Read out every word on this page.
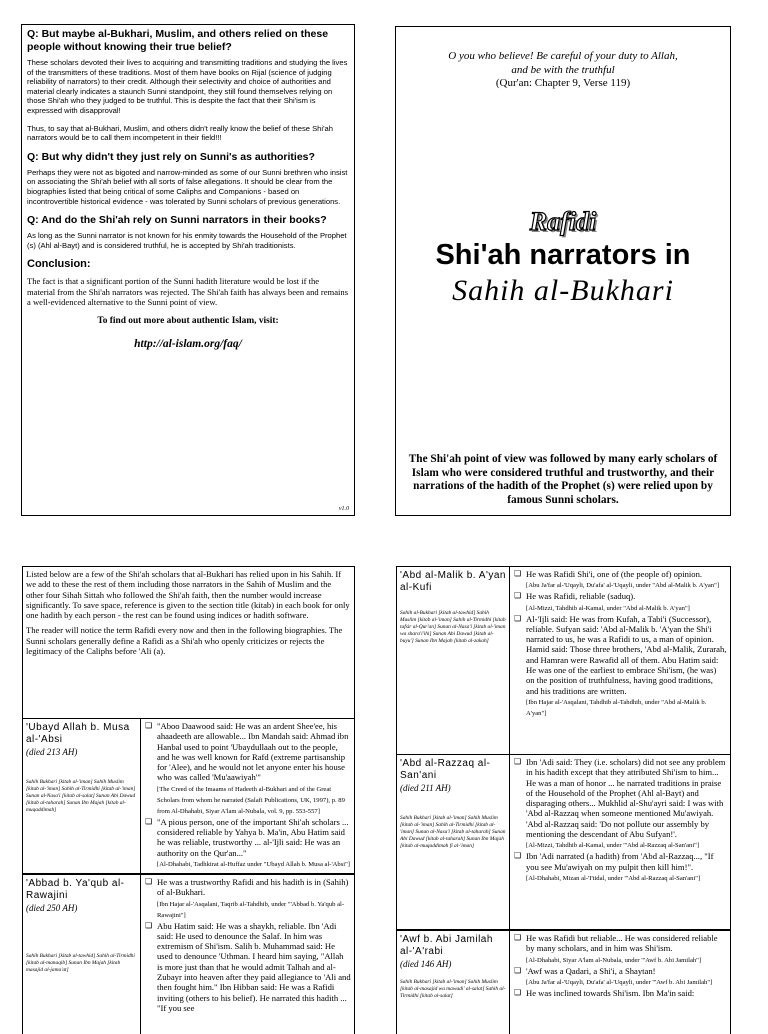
Q: But maybe al-Bukhari, Muslim, and others relied on these people without knowing their true belief?
These scholars devoted their lives to acquiring and transmitting traditions and studying the lives of the transmitters of these traditions. Most of them have books on Rijal (science of judging reliability of narrators) to their credit. Although their selectivity and choice of authorities and material clearly indicates a staunch Sunni standpoint, they still found themselves relying on those Shi'ah who they judged to be truthful. This is despite the fact that their Shi'ism is expressed with disapproval!
Thus, to say that al-Bukhari, Muslim, and others didn't really know the belief of these Shi'ah narrators would be to call them incompetent in their field!!!
Q: But why didn't they just rely on Sunni's as authorities?
Perhaps they were not as bigoted and narrow-minded as some of our Sunni brethren who insist on associating the Shi'ah belief with all sorts of false allegations. It should be clear from the biographies listed that being critical of some Caliphs and Companions - based on incontrovertible historical evidence - was tolerated by Sunni scholars of previous generations.
Q: And do the Shi'ah rely on Sunni narrators in their books?
As long as the Sunni narrator is not known for his enmity towards the Household of the Prophet (s) (Ahl al-Bayt) and is considered truthful, he is accepted by Shi'ah traditionists.
Conclusion:
The fact is that a significant portion of the Sunni hadith literature would be lost if the material from the Shi'ah narrators was rejected. The Shi'ah faith has always been and remains a well-evidenced alternative to the Sunni point of view.
To find out more about authentic Islam, visit:
http://al-islam.org/faq/
v1.0
O you who believe! Be careful of your duty to Allah,
and be with the truthful
(Qur'an: Chapter 9, Verse 119)
Rafidi
Shi'ah narrators in
Sahih al-Bukhari
The Shi'ah point of view was followed by many early scholars of Islam who were considered truthful and trustworthy, and their narrations of the hadith of the Prophet (s) were relied upon by famous Sunni scholars.
Listed below are a few of the Shi'ah scholars that al-Bukhari has relied upon in his Sahih. If we add to these the rest of them including those narrators in the Sahih of Muslim and the other four Sihah Sittah who followed the Shi'ah faith, then the number would increase significantly. To save space, reference is given to the section title (kitab) in each book for only one hadith by each person - the rest can be found using indices or hadith software.
The reader will notice the term Rafidi every now and then in the following biographies. The Sunni scholars generally define a Rafidi as a Shi'ah who openly criticizes or rejects the legitimacy of the Caliphs before 'Ali (a).
'Ubayd Allah b. Musa al-'Absi
(died 213 AH)
Sahih Bukhari [kitab al-'iman] Sahih Muslim [kitab al-'iman] Sahih al-Tirmidhi [kitab al-'iman] Sunan al-Nasa'i [kitab al-salat] Sunan Abi Dawud [kitab al-taharah] Sunan Ibn Majah [kitab al-muqaddimah]
❏ "Aboo Daawood said: He was an ardent Shee'ee, his ahaadeeth are allowable... Ibn Mandah said: Ahmad ibn Hanbal used to point 'Ubaydullaah out to the people, and he was well known for Rafd (extreme partisanship for 'Alee), and he would not let anyone enter his house who was called 'Mu'aawiyah'"
[The Creed of the Imaams of Hadeeth al-Bukhari and of the Great Scholars from whom he narrated (Salafi Publications, UK, 1997), p. 89 from Al-Dhahabi, Siyar A'lam al-Nubala, vol. 9, pp. 553-557]
❏ "A pious person, one of the important Shi'ah scholars ... considered reliable by Yahya b. Ma'in, Abu Hatim said he was reliable, trustworthy ... al-'Ijli said: He was an authority on the Qur'an..."
[Al-Dhahabi, Tadhkirat al-Huffaz under "Ubayd Allah b. Musa al-'Absi"]
'Abbad b. Ya'qub al-Rawajini
(died 250 AH)
Sahih Bukhari [kitab al-tawhid] Sahih al-Tirmidhi [kitab al-manaqib] Sunan Ibn Majah [kitab masajid al-jama'at]
❏ He was a trustworthy Rafidi and his hadith is in (Sahih) of al-Bukhari.
[Ibn Hajar al-'Asqalani, Taqrib al-Tahdhib, under "'Abbad b. Ya'qub al-Rawajini"]
❏ Abu Hatim said: He was a shaykh, reliable. Ibn 'Adi said: He used to denounce the Salaf. In him was extremism of Shi'ism. Salih b. Muhammad said: He used to denounce 'Uthman. I heard him saying, "Allah is more just than that he would admit Talhah and al-Zubayr into heaven after they paid allegiance to 'Ali and then fought him." Ibn Hibban said: He was a Rafidi inviting (others to his belief). He narrated this hadith ... "If you see
'Abd al-Malik b. A'yan al-Kufi
Sahih al-Bukhari [kitab al-tawhid] Sahih Muslim [kitab al-'iman] Sahih al-Tirmidhi [kitab tafsir al-Qur'an] Sunan al-Nasa'i [kitab al-'iman wa shara'i'ihi] Sunan Abi Dawud [kitab al-buyu'] Sunan Ibn Majah [kitab al-zakah]
❏ He was Rafidi Shi'i, one of (the people of) opinion.
[Abu Ja'far al-'Uqayli, Du'afa' al-'Uqayli, under "Abd al-Malik b. A'yan"]
❏ He was Rafidi, reliable (saduq).
[Al-Mizzi, Tahdhib al-Kamal, under "Abd al-Malik b. A'yan"]
❏ Al-'Ijli said: He was from Kufah, a Tabi'i (Successor), reliable. Sufyan said: 'Abd al-Malik b. 'A'yan the Shi'i narrated to us, he was a Rafidi to us, a man of opinion. Hamid said: Those three brothers, 'Abd al-Malik, Zurarah, and Hamran were Rawafid all of them. Abu Hatim said: He was one of the earliest to embrace Shi'ism, (he was) on the position of truthfulness, having good traditions, and his traditions are written.
[Ibn Hajar al-'Asqalani, Tahdhib al-Tahdhib, under "Abd al-Malik b. A'yan"]
'Abd al-Razzaq al-San'ani
(died 211 AH)
Sahih Bukhari [kitab al-'iman] Sahih Muslim [kitab al-'iman] Sahih al-Tirmidhi [kitab al-'iman] Sunan al-Nasa'i [kitab al-taharah] Sunan Abi Dawud [kitab al-taharah] Sunan Ibn Majah [kitab al-muqaddimah fi al-'iman]
❏ Ibn 'Adi said: They (i.e. scholars) did not see any problem in his hadith except that they attributed Shi'ism to him... He was a man of honor ... he narrated traditions in praise of the Household of the Prophet (Ahl al-Bayt) and disparaging others... Mukhlid al-Shu'ayri said: I was with 'Abd al-Razzaq when someone mentioned Mu'awiyah. 'Abd al-Razzaq said: 'Do not pollute our assembly by mentioning the descendant of Abu Sufyan!'.
[Al-Mizzi, Tahdhib al-Kamal, under "'Abd al-Razzaq al-San'ani"]
❏ Ibn 'Adi narrated (a hadith) from 'Abd al-Razzaq..., "If you see Mu'awiyah on my pulpit then kill him!".
[Al-Dhahabi, Mizan al-'I'tidal, under "'Abd al-Razzaq al-San'ani"]
'Awf b. Abi Jamilah al-'A'rabi
(died 146 AH)
Sahih Bukhari [kitab al-'iman] Sahih Muslim [kitab al-masajid wa mawadi' al-salat] Sahih al-Tirmidhi [kitab al-salat]
❏ He was Rafidi but reliable... He was considered reliable by many scholars, and in him was Shi'ism.
[Al-Dhahabi, Siyar A'lam al-Nubala, under "'Awf b. Abi Jamilah"]
❏ 'Awf was a Qadari, a Shi'i, a Shaytan!
[Abu Ja'far al-'Uqayli, Du'afa' al-'Uqayli, under "'Awf b. Abi Jamilah"]
❏ He was inclined towards Shi'ism. Ibn Ma'in said:
